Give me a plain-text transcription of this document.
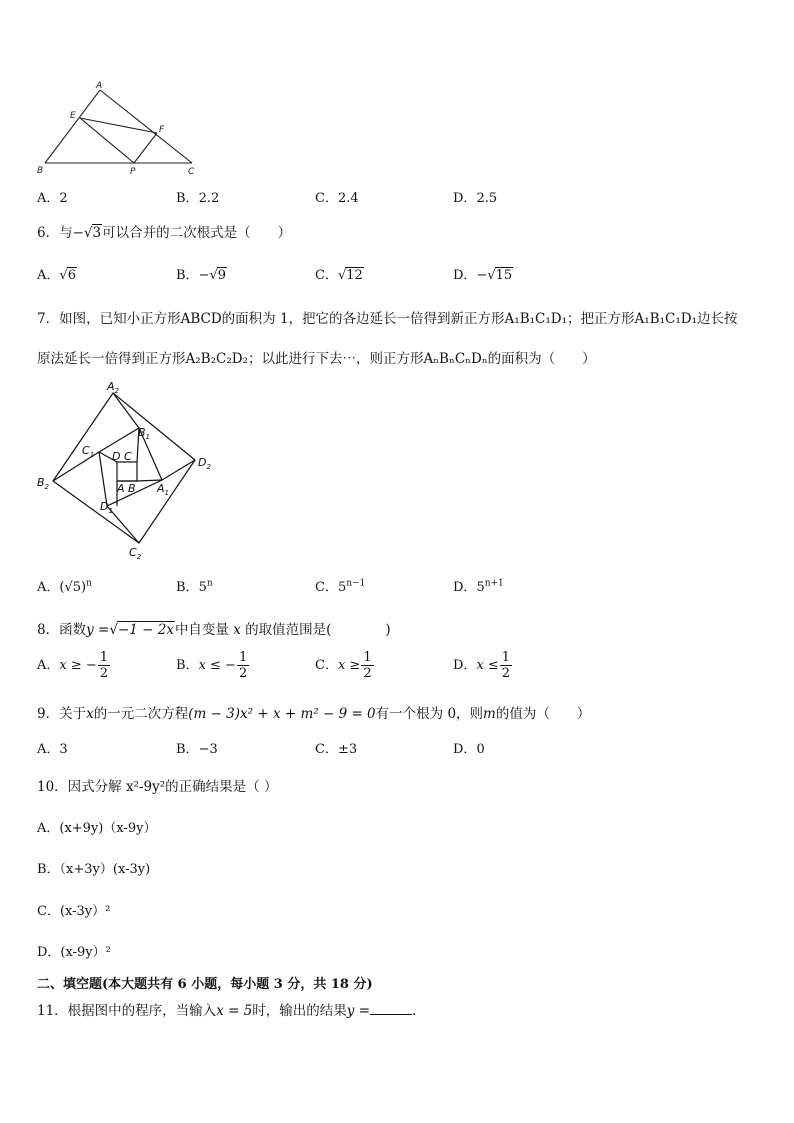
A
E
F
B	P	C
A．2	B．2.2	C．2.4	D．2.5
6．与−√3可以合并的二次根式是（　　）
A．√6	B．−√9	C．√12	D．−√15
7．如图，已知小正方形ABCD的面积为 1，把它的各边延长一倍得到新正方形A₁B₁C₁D₁；把正方形A₁B₁C₁D₁边长按
原法延长一倍得到正方形A₂B₂C₂D₂；以此进行下去⋯，则正方形AₙBₙCₙDₙ的面积为（　　）
$A_2$
$D_2$
$C_2$
$B_2$
$B_1$
$C_1$
$A_1$
$D_1$
D C
A B
A．$(√5)^n$	B．5$^n$	C．$5^{n-1}$	D．$5^{n+1}$
8．函数y =√−1 − 2x中自变量 x 的取值范围是(　　　　)
A．x ≥ − $\frac{1}{2}$	B．x ≤ − $\frac{1}{2}$	C．$x \ge \frac{1}{2}$	D．$x \le \frac{1}{2}$
9．关于x的一元二次方程(m − 3)x² + x + m² − 9 = 0有一个根为 0，则m的值为（　　）
A．3	B．−3	C．±3	D．0
10．因式分解 x²-9y²的正确结果是（ ）
A．(x+9y)（x-9y）
B．（x+3y）(x-3y)
C．(x-3y）²
D．(x-9y）²
二、填空题(本大题共有 6 小题，每小题 3 分，共 18 分)
11．根据图中的程序，当输入x = 5时，输出的结果y =	.
